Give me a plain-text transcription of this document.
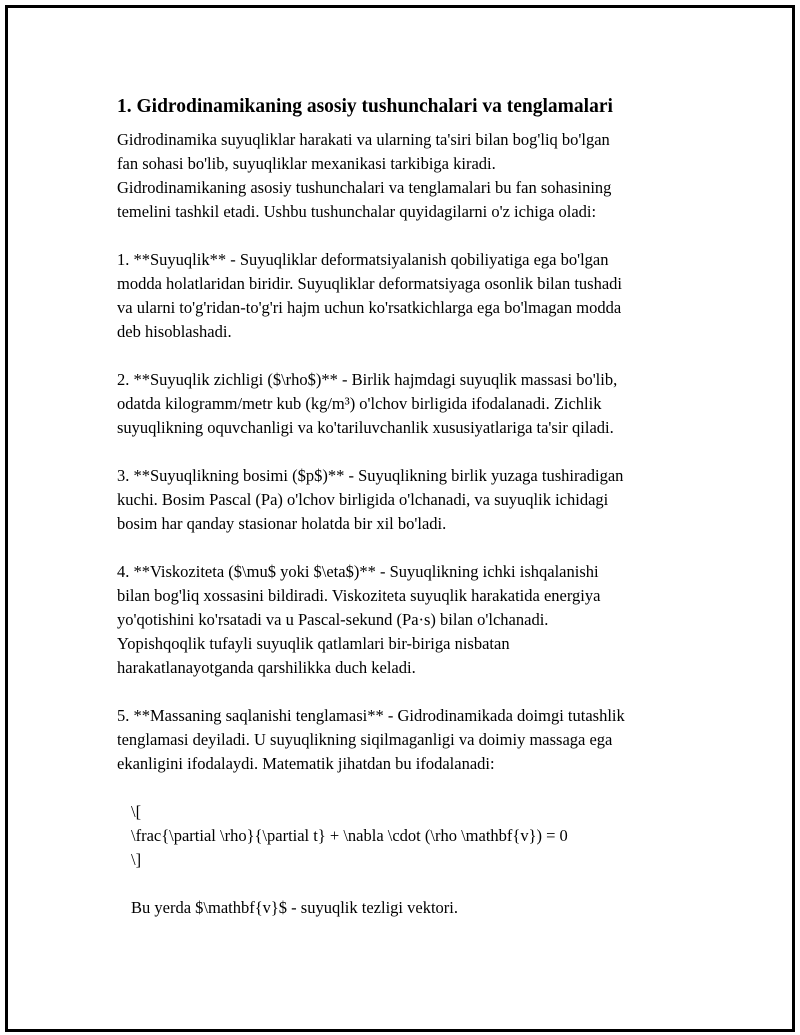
1. Gidrodinamikaning asosiy tushunchalari va tenglamalari
Gidrodinamika suyuqliklar harakati va ularning ta'siri bilan bog'liq bo'lgan
fan sohasi bo'lib, suyuqliklar mexanikasi tarkibiga kiradi.
Gidrodinamikaning asosiy tushunchalari va tenglamalari bu fan sohasining
temelini tashkil etadi. Ushbu tushunchalar quyidagilarni o'z ichiga oladi:
1. **Suyuqlik** - Suyuqliklar deformatsiyalanish qobiliyatiga ega bo'lgan
modda holatlaridan biridir. Suyuqliklar deformatsiyaga osonlik bilan tushadi
va ularni to'g'ridan-to'g'ri hajm uchun ko'rsatkichlarga ega bo'lmagan modda
deb hisoblashadi.
2. **Suyuqlik zichligi ($\rho$)** - Birlik hajmdagi suyuqlik massasi bo'lib,
odatda kilogramm/metr kub (kg/m³) o'lchov birligida ifodalanadi. Zichlik
suyuqlikning oquvchanligi va ko'tariluvchanlik xususiyatlariga ta'sir qiladi.
3. **Suyuqlikning bosimi ($p$)** - Suyuqlikning birlik yuzaga tushiradigan
kuchi. Bosim Pascal (Pa) o'lchov birligida o'lchanadi, va suyuqlik ichidagi
bosim har qanday stasionar holatda bir xil bo'ladi.
4. **Viskoziteta ($\mu$ yoki $\eta$)** - Suyuqlikning ichki ishqalanishi
bilan bog'liq xossasini bildiradi. Viskoziteta suyuqlik harakatida energiya
yo'qotishini ko'rsatadi va u Pascal-sekund (Pa·s) bilan o'lchanadi.
Yopishqoqlik tufayli suyuqlik qatlamlari bir-biriga nisbatan
harakatlanayotganda qarshilikka duch keladi.
5. **Massaning saqlanishi tenglamasi** - Gidrodinamikada doimgi tutashlik
tenglamasi deyiladi. U suyuqlikning siqilmaganligi va doimiy massaga ega
ekanligini ifodalaydi. Matematik jihatdan bu ifodalanadi:
\[
\frac{\partial \rho}{\partial t} + \nabla \cdot (\rho \mathbf{v}) = 0
\]
Bu yerda $\mathbf{v}$ - suyuqlik tezligi vektori.
